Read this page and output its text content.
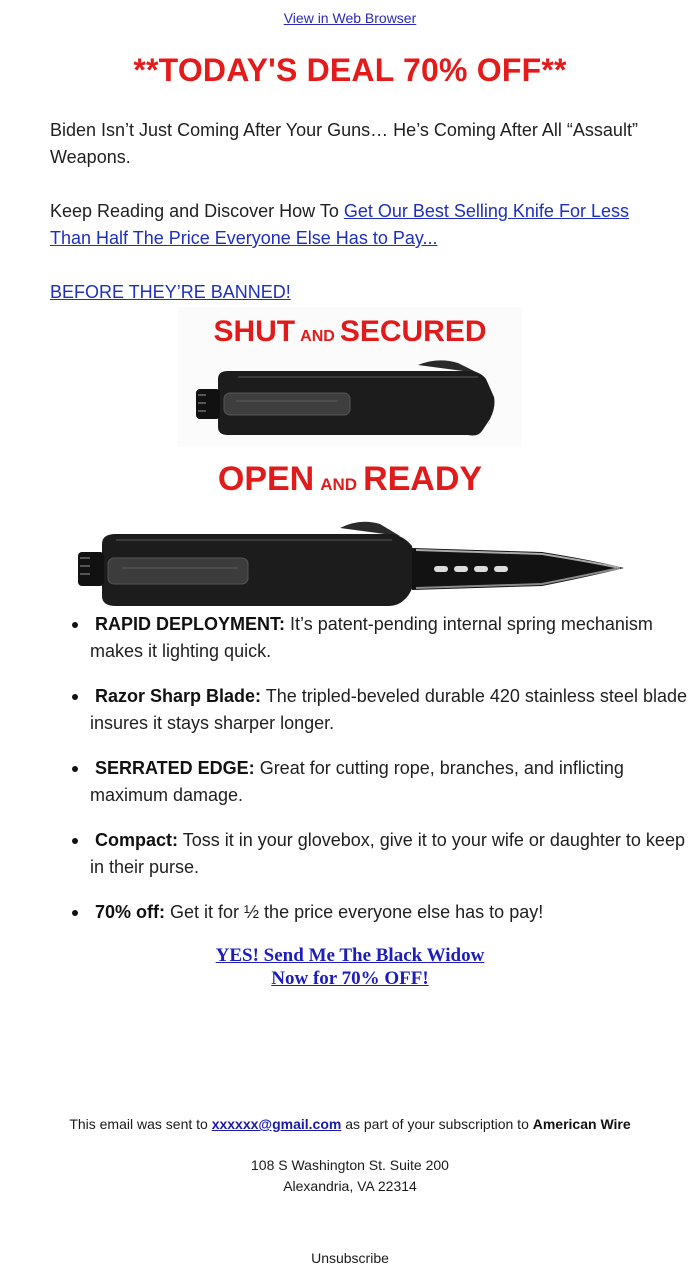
View in Web Browser
**TODAY'S DEAL 70% OFF**
Biden Isn’t Just Coming After Your Guns… He’s Coming After All “Assault” Weapons.
Keep Reading and Discover How To Get Our Best Selling Knife For Less Than Half The Price Everyone Else Has to Pay...
BEFORE THEY’RE BANNED!
SHUT AND SECURED
OPEN AND READY
RAPID DEPLOYMENT: It’s patent-pending internal spring mechanism makes it lighting quick.
Razor Sharp Blade: The tripled-beveled durable 420 stainless steel blade insures it stays sharper longer.
SERRATED EDGE: Great for cutting rope, branches, and inflicting maximum damage.
Compact: Toss it in your glovebox, give it to your wife or daughter to keep in their purse.
70% off: Get it for ½ the price everyone else has to pay!
YES! Send Me The Black Widow
Now for 70% OFF!
This email was sent to xxxxxx@gmail.com as part of your subscription to American Wire
108 S Washington St. Suite 200
Alexandria, VA 22314
Unsubscribe
